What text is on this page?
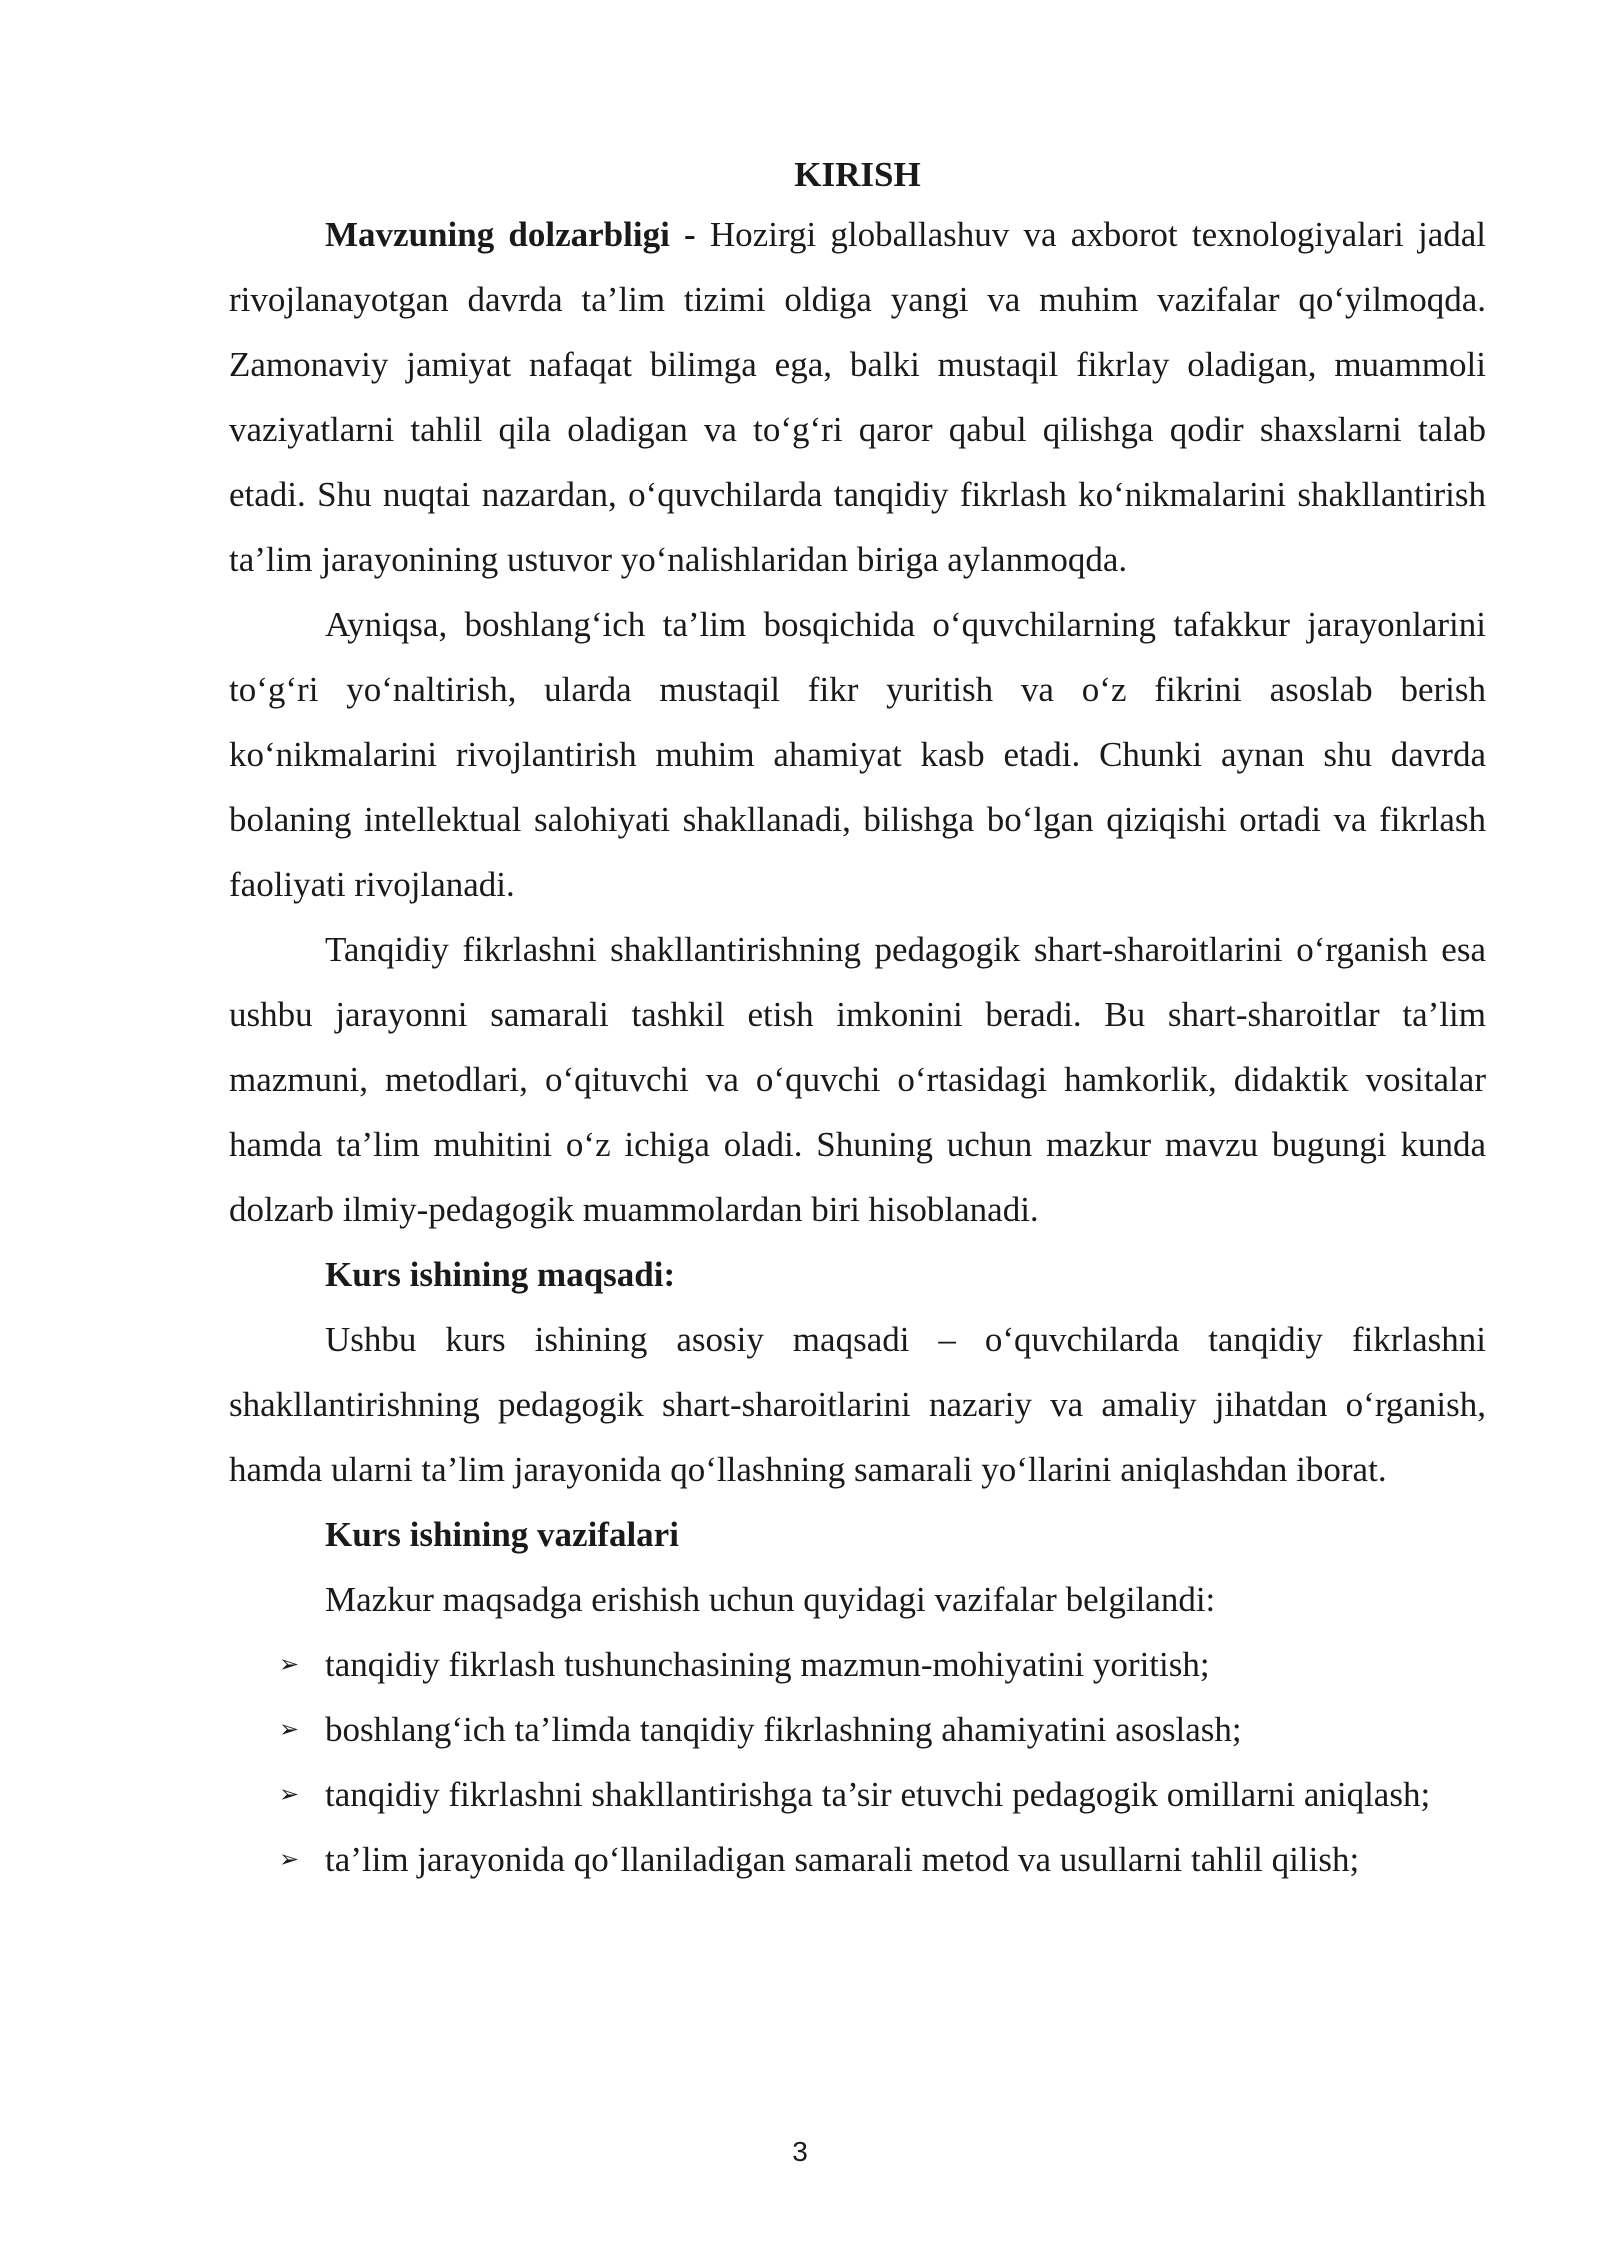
KIRISH

Mavzuning dolzarbligi - Hozirgi globallashuv va axborot texnologiyalari jadal rivojlanayotgan davrda ta’lim tizimi oldiga yangi va muhim vazifalar qo‘yilmoqda. Zamonaviy jamiyat nafaqat bilimga ega, balki mustaqil fikrlay oladigan, muammoli vaziyatlarni tahlil qila oladigan va to‘g‘ri qaror qabul qilishga qodir shaxslarni talab etadi. Shu nuqtai nazardan, o‘quvchilarda tanqidiy fikrlash ko‘nikmalarini shakllantirish ta’lim jarayonining ustuvor yo‘nalishlaridan biriga aylanmoqda.

Ayniqsa, boshlang‘ich ta’lim bosqichida o‘quvchilarning tafakkur jarayonlarini to‘g‘ri yo‘naltirish, ularda mustaqil fikr yuritish va o‘z fikrini asoslab berish ko‘nikmalarini rivojlantirish muhim ahamiyat kasb etadi. Chunki aynan shu davrda bolaning intellektual salohiyati shakllanadi, bilishga bo‘lgan qiziqishi ortadi va fikrlash faoliyati rivojlanadi.

Tanqidiy fikrlashni shakllantirishning pedagogik shart-sharoitlarini o‘rganish esa ushbu jarayonni samarali tashkil etish imkonini beradi. Bu shart-sharoitlar ta’lim mazmuni, metodlari, o‘qituvchi va o‘quvchi o‘rtasidagi hamkorlik, didaktik vositalar hamda ta’lim muhitini o‘z ichiga oladi. Shuning uchun mazkur mavzu bugungi kunda dolzarb ilmiy-pedagogik muammolardan biri hisoblanadi.

Kurs ishining maqsadi:

Ushbu kurs ishining asosiy maqsadi – o‘quvchilarda tanqidiy fikrlashni shakllantirishning pedagogik shart-sharoitlarini nazariy va amaliy jihatdan o‘rganish, hamda ularni ta’lim jarayonida qo‘llashning samarali yo‘llarini aniqlashdan iborat.

Kurs ishining vazifalari

Mazkur maqsadga erishish uchun quyidagi vazifalar belgilandi:

➢ tanqidiy fikrlash tushunchasining mazmun-mohiyatini yoritish;
➢ boshlang‘ich ta’limda tanqidiy fikrlashning ahamiyatini asoslash;
➢ tanqidiy fikrlashni shakllantirishga ta’sir etuvchi pedagogik omillarni aniqlash;
➢ ta’lim jarayonida qo‘llaniladigan samarali metod va usullarni tahlil qilish;
3
